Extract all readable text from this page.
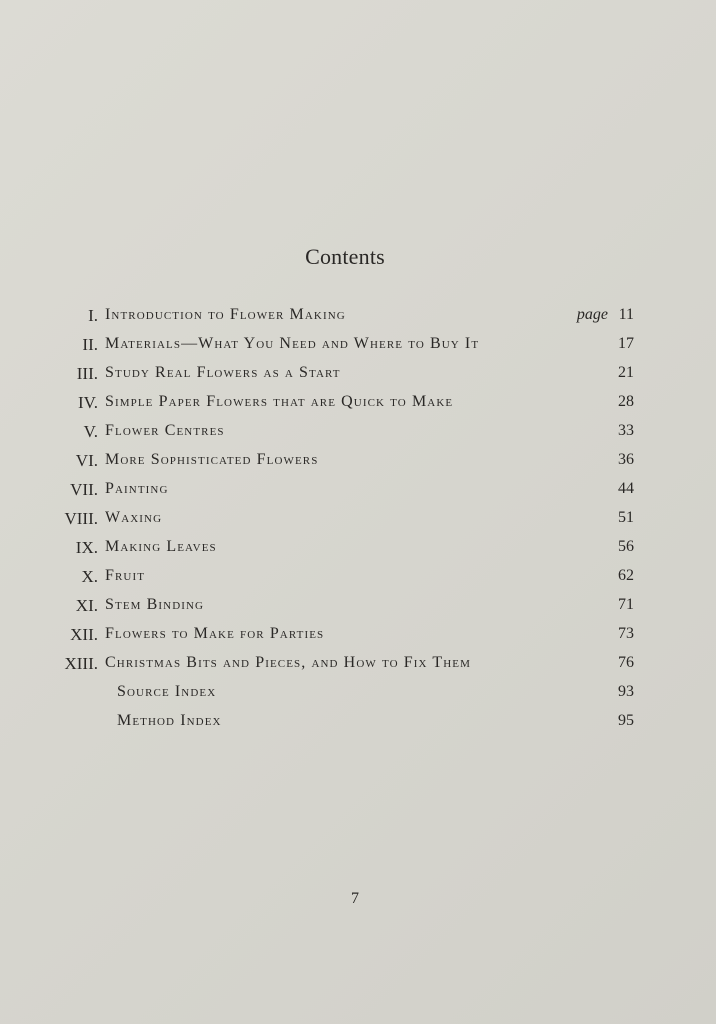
Contents
I. Introduction to Flower Making	page 11
II. Materials—What You Need and Where to Buy It	17
III. Study Real Flowers as a Start	21
IV. Simple Paper Flowers that are Quick to Make	28
V. Flower Centres	33
VI. More Sophisticated Flowers	36
VII. Painting	44
VIII. Waxing	51
IX. Making Leaves	56
X. Fruit	62
XI. Stem Binding	71
XII. Flowers to Make for Parties	73
XIII. Christmas Bits and Pieces, and How to Fix Them	76
Source Index	93
Method Index	95
7
